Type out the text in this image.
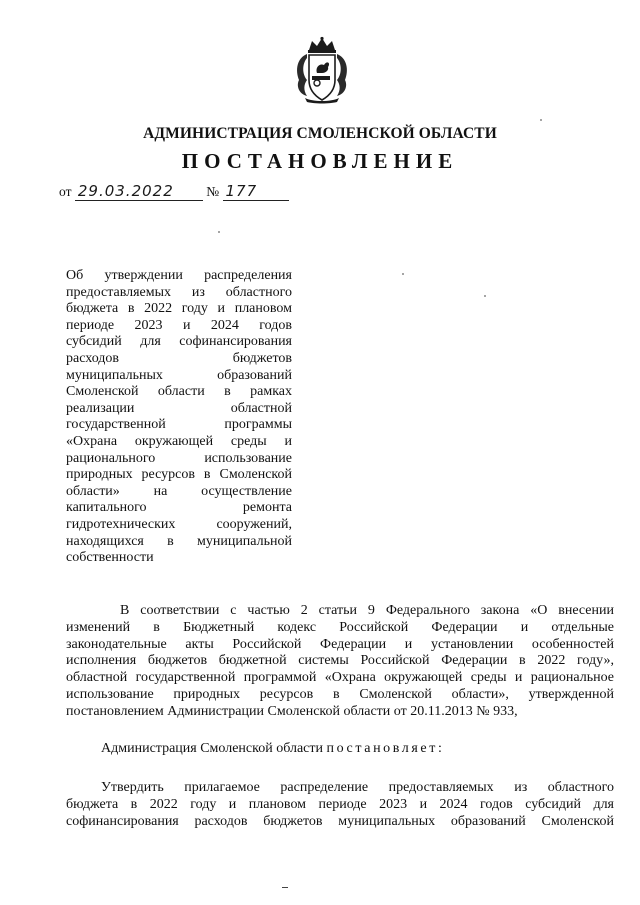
АДМИНИСТРАЦИЯ СМОЛЕНСКОЙ ОБЛАСТИ
ПОСТАНОВЛЕНИЕ
от 29.03.2022 № 177
Об утверждении распределения
предоставляемых из областного
бюджета в 2022 году и плановом
периоде 2023 и 2024 годов
субсидий для софинансирования
расходов бюджетов
муниципальных образований
Смоленской области в рамках
реализации областной
государственной программы
«Охрана окружающей среды и
рационального использование
природных ресурсов в Смоленской
области» на осуществление
капитального ремонта
гидротехнических сооружений,
находящихся в муниципальной
собственности
В соответствии с частью 2 статьи 9 Федерального закона «О внесении
изменений в Бюджетный кодекс Российской Федерации и отдельные
законодательные акты Российской Федерации и установлении особенностей
исполнения бюджетов бюджетной системы Российской Федерации в 2022 году»,
областной государственной программой «Охрана окружающей среды и рациональное
использование природных ресурсов в Смоленской области», утвержденной
постановлением Администрации Смоленской области от 20.11.2013 № 933,
Администрация Смоленской области постановляет:
Утвердить прилагаемое распределение предоставляемых из областного
бюджета в 2022 году и плановом периоде 2023 и 2024 годов субсидий для
софинансирования расходов бюджетов муниципальных образований Смоленской
